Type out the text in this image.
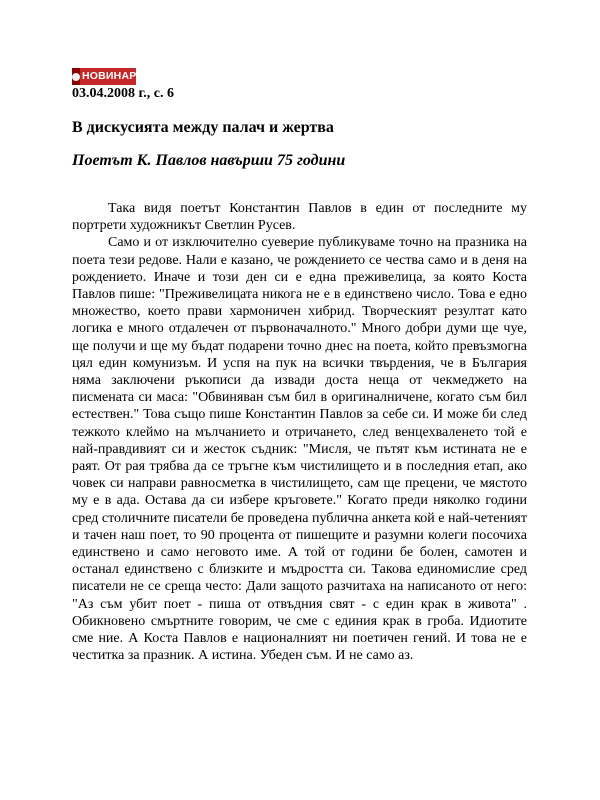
НОВИНАР
03.04.2008 г., с. 6
В дискусията между палач и жертва
Поетът К. Павлов навърши 75 години

Така видя поетът Константин Павлов в един от последните му портрети художникът Светлин Русев.

Само и от изключително суеверие публикуваме точно на празника на поета тези редове. Нали е казано, че рождението се чества само и в деня на рождението. Иначе и този ден си е една преживелица, за която Коста Павлов пише: "Преживелицата никога не е в единствено число. Това е едно множество, което прави хармоничен хибрид. Творческият резултат като логика е много отдалечен от първоначалното." Много добри думи ще чуе, ще получи и ще му бъдат подарени точно днес на поета, който превъзмогна цял един комунизъм. И успя на пук на всички твърдения, че в България няма заключени ръкописи да извади доста неща от чекмеджето на писмената си маса: "Обвиняван съм бил в оригиналничене, когато съм бил естествен." Това също пише Константин Павлов за себе си. И може би след тежкото клеймо на мълчанието и отричането, след венцехваленето той е най-правдивият си и жесток съдник: "Мисля, че пътят към истината не е раят. От рая трябва да се тръгне към чистилището и в последния етап, ако човек си направи равносметка в чистилището, сам ще прецени, че мястото му е в ада. Остава да си избере кръговете." Когато преди няколко години сред столичните писатели бе проведена публична анкета кой е най-четеният и тачен наш поет, то 90 процента от пишещите и разумни колеги посочиха единствено и само неговото име. А той от години бе болен, самотен и останал единствено с близките и мъдростта си. Такова единомислие сред писатели не се среща често: Дали защото разчитаха на написаното от него: "Аз съм убит поет - пиша от отвъдния свят - с един крак в живота" . Обикновено смъртните говорим, че сме с единия крак в гроба. Идиотите сме ние. А Коста Павлов е националният ни поетичен гений. И това не е честитка за празник. А истина. Убеден съм. И не само аз.
